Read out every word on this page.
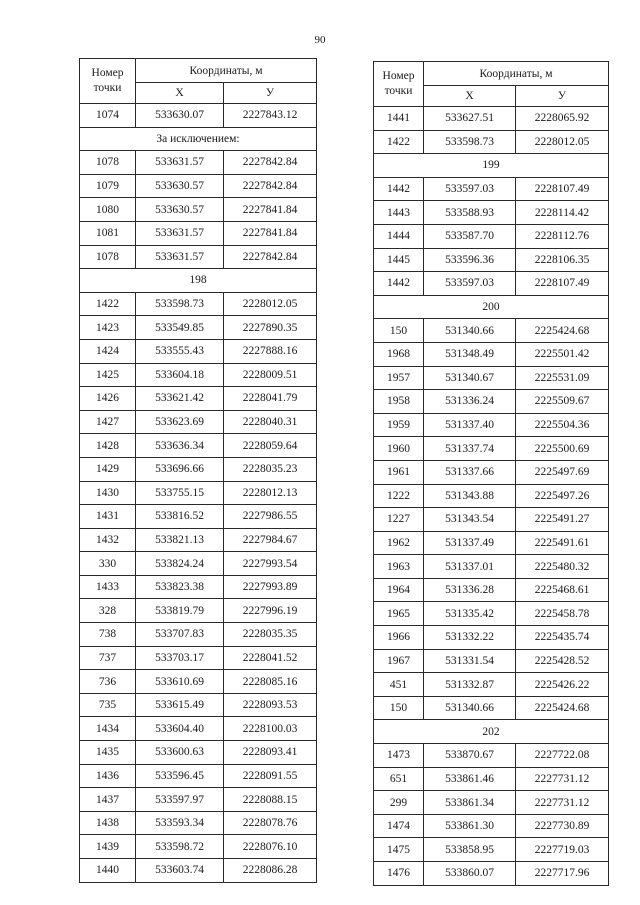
90
Номер
точки	Координаты, м	
	Х	У
1074	533630.07	2227843.12
За исключением:		
1078	533631.57	2227842.84
1079	533630.57	2227842.84
1080	533630.57	2227841.84
1081	533631.57	2227841.84
1078	533631.57	2227842.84
198		
1422	533598.73	2228012.05
1423	533549.85	2227890.35
1424	533555.43	2227888.16
1425	533604.18	2228009.51
1426	533621.42	2228041.79
1427	533623.69	2228040.31
1428	533636.34	2228059.64
1429	533696.66	2228035.23
1430	533755.15	2228012.13
1431	533816.52	2227986.55
1432	533821.13	2227984.67
330	533824.24	2227993.54
1433	533823.38	2227993.89
328	533819.79	2227996.19
738	533707.83	2228035.35
737	533703.17	2228041.52
736	533610.69	2228085.16
735	533615.49	2228093.53
1434	533604.40	2228100.03
1435	533600.63	2228093.41
1436	533596.45	2228091.55
1437	533597.97	2228088.15
1438	533593.34	2228078.76
1439	533598.72	2228076.10
1440	533603.74	2228086.28
Номер
точки	Координаты, м	
	Х	У
1441	533627.51	2228065.92
1422	533598.73	2228012.05
199		
1442	533597.03	2228107.49
1443	533588.93	2228114.42
1444	533587.70	2228112.76
1445	533596.36	2228106.35
1442	533597.03	2228107.49
200		
150	531340.66	2225424.68
1968	531348.49	2225501.42
1957	531340.67	2225531.09
1958	531336.24	2225509.67
1959	531337.40	2225504.36
1960	531337.74	2225500.69
1961	531337.66	2225497.69
1222	531343.88	2225497.26
1227	531343.54	2225491.27
1962	531337.49	2225491.61
1963	531337.01	2225480.32
1964	531336.28	2225468.61
1965	531335.42	2225458.78
1966	531332.22	2225435.74
1967	531331.54	2225428.52
451	531332.87	2225426.22
150	531340.66	2225424.68
202		
1473	533870.67	2227722.08
651	533861.46	2227731.12
299	533861.34	2227731.12
1474	533861.30	2227730.89
1475	533858.95	2227719.03
1476	533860.07	2227717.96
